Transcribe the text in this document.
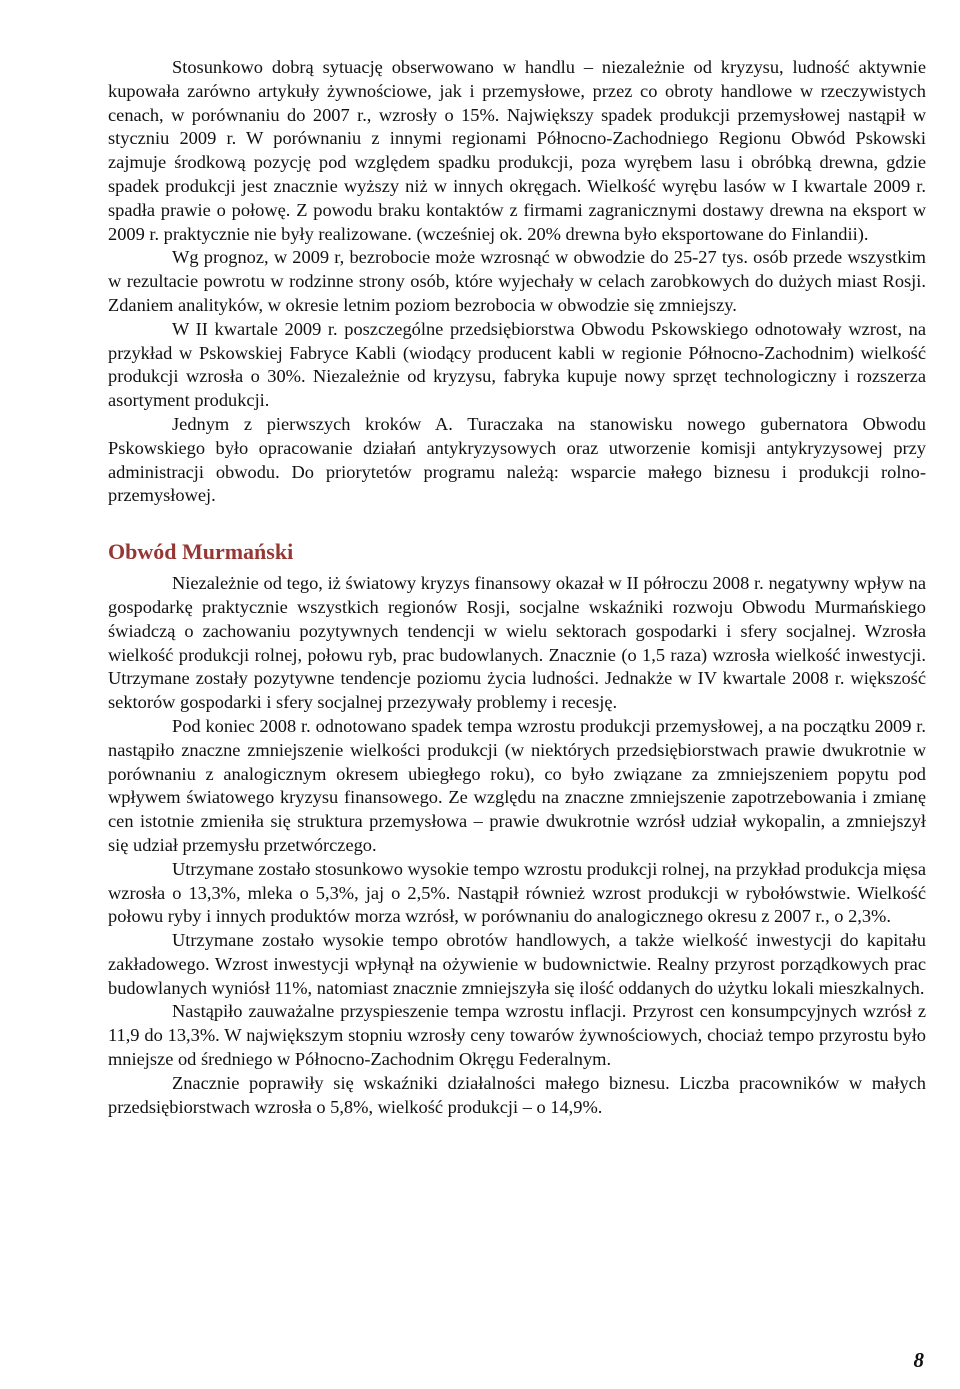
Stosunkowo dobrą sytuację obserwowano w handlu – niezależnie od kryzysu, ludność aktywnie kupowała zarówno artykuły żywnościowe, jak i przemysłowe, przez co obroty handlowe w rzeczywistych cenach, w porównaniu do 2007 r., wzrosły o 15%. Największy spadek produkcji przemysłowej nastąpił w styczniu 2009 r. W porównaniu z innymi regionami Północno-Zachodniego Regionu Obwód Pskowski zajmuje środkową pozycję pod względem spadku produkcji, poza wyrębem lasu i obróbką drewna, gdzie spadek produkcji jest znacznie wyższy niż w innych okręgach. Wielkość wyrębu lasów w I kwartale 2009 r. spadła prawie o połowę. Z powodu braku kontaktów z firmami zagranicznymi dostawy drewna na eksport w 2009 r. praktycznie nie były realizowane. (wcześniej ok. 20% drewna było eksportowane do Finlandii).

Wg prognoz, w 2009 r, bezrobocie może wzrosnąć w obwodzie do 25-27 tys. osób przede wszystkim w rezultacie powrotu w rodzinne strony osób, które wyjechały w celach zarobkowych do dużych miast Rosji. Zdaniem analityków, w okresie letnim poziom bezrobocia w obwodzie się zmniejszy.

W II kwartale 2009 r. poszczególne przedsiębiorstwa Obwodu Pskowskiego odnotowały wzrost, na przykład w Pskowskiej Fabryce Kabli (wiodący producent kabli w regionie Północno-Zachodnim) wielkość produkcji wzrosła o 30%. Niezależnie od kryzysu, fabryka kupuje nowy sprzęt technologiczny i rozszerza asortyment produkcji.

Jednym z pierwszych kroków A. Turaczaka na stanowisku nowego gubernatora Obwodu Pskowskiego było opracowanie działań antykryzysowych oraz utworzenie komisji antykryzysowej przy administracji obwodu. Do priorytetów programu należą: wsparcie małego biznesu i produkcji rolno-przemysłowej.

Obwód Murmański

Niezależnie od tego, iż światowy kryzys finansowy okazał w II półroczu 2008 r. negatywny wpływ na gospodarkę praktycznie wszystkich regionów Rosji, socjalne wskaźniki rozwoju Obwodu Murmańskiego świadczą o zachowaniu pozytywnych tendencji w wielu sektorach gospodarki i sfery socjalnej. Wzrosła wielkość produkcji rolnej, połowu ryb, prac budowlanych. Znacznie (o 1,5 raza) wzrosła wielkość inwestycji. Utrzymane zostały pozytywne tendencje poziomu życia ludności. Jednakże w IV kwartale 2008 r. większość sektorów gospodarki i sfery socjalnej przezywały problemy i recesję.

Pod koniec 2008 r. odnotowano spadek tempa wzrostu produkcji przemysłowej, a na początku 2009 r. nastąpiło znaczne zmniejszenie wielkości produkcji (w niektórych przedsiębiorstwach prawie dwukrotnie w porównaniu z analogicznym okresem ubiegłego roku), co było związane za zmniejszeniem popytu pod wpływem światowego kryzysu finansowego. Ze względu na znaczne zmniejszenie zapotrzebowania i zmianę cen istotnie zmieniła się struktura przemysłowa – prawie dwukrotnie wzrósł udział wykopalin, a zmniejszył się udział przemysłu przetwórczego.

Utrzymane zostało stosunkowo wysokie tempo wzrostu produkcji rolnej, na przykład produkcja mięsa wzrosła o 13,3%, mleka o 5,3%, jaj o 2,5%. Nastąpił również wzrost produkcji w rybołówstwie. Wielkość połowu ryby i innych produktów morza wzrósł, w porównaniu do analogicznego okresu z 2007 r., o 2,3%.

Utrzymane zostało wysokie tempo obrotów handlowych, a także wielkość inwestycji do kapitału zakładowego. Wzrost inwestycji wpłynął na ożywienie w budownictwie. Realny przyrost porządkowych prac budowlanych wyniósł 11%, natomiast znacznie zmniejszyła się ilość oddanych do użytku lokali mieszkalnych.

Nastąpiło zauważalne przyspieszenie tempa wzrostu inflacji. Przyrost cen konsumpcyjnych wzrósł z 11,9 do 13,3%. W największym stopniu wzrosły ceny towarów żywnościowych, chociaż tempo przyrostu było mniejsze od średniego w Północno-Zachodnim Okręgu Federalnym.

Znacznie poprawiły się wskaźniki działalności małego biznesu. Liczba pracowników w małych przedsiębiorstwach wzrosła o 5,8%, wielkość produkcji – o 14,9%.

8
